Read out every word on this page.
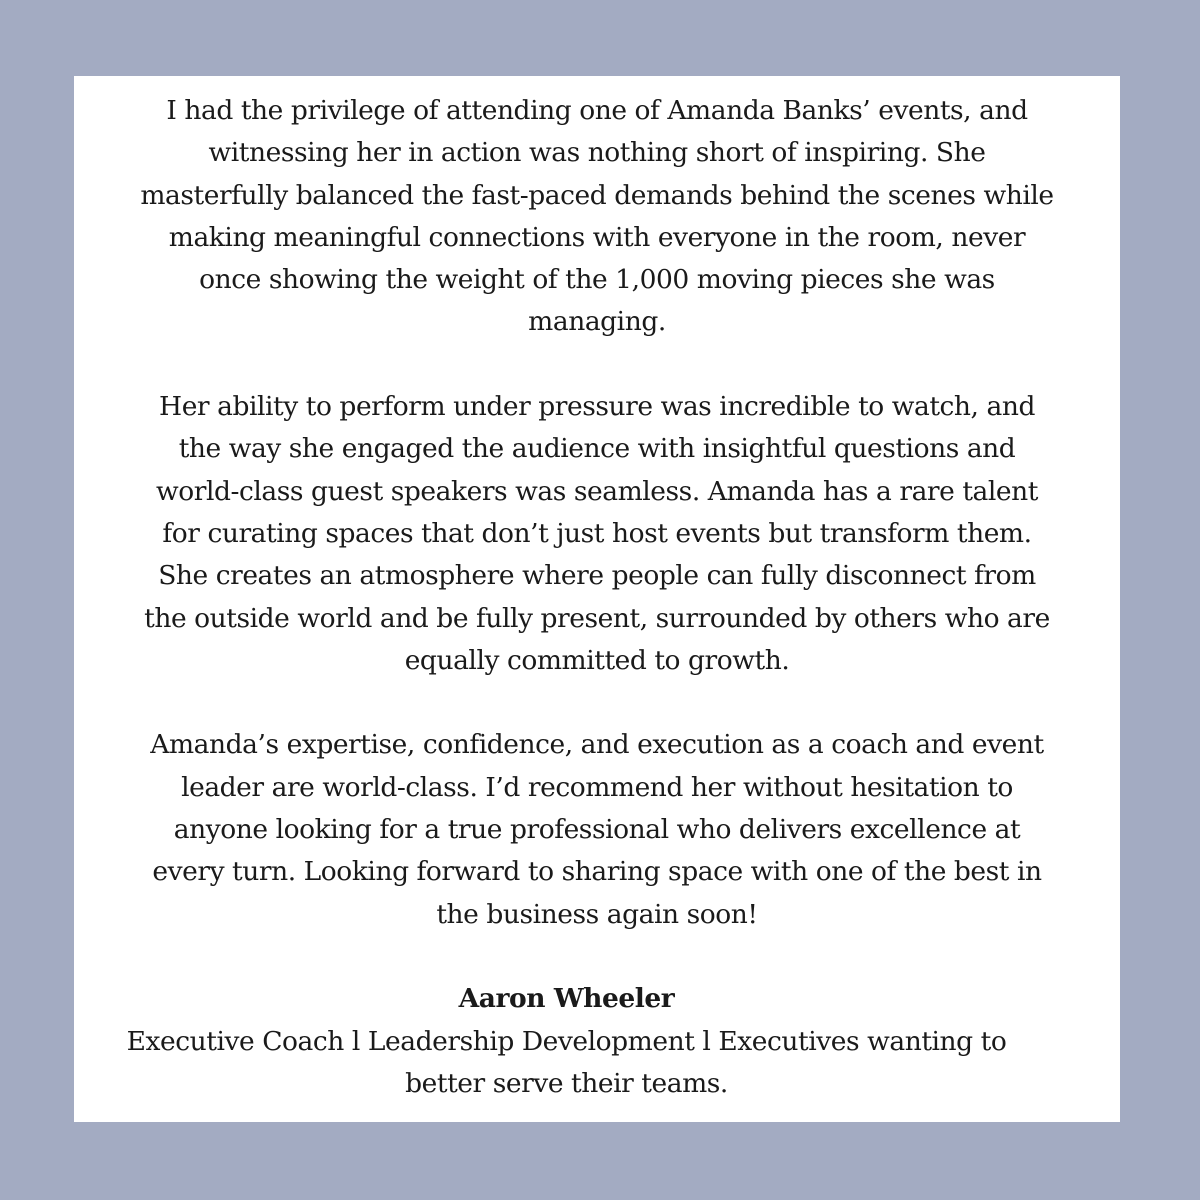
I had the privilege of attending one of Amanda Banks’ events, and
witnessing her in action was nothing short of inspiring. She
masterfully balanced the fast-paced demands behind the scenes while
making meaningful connections with everyone in the room, never
once showing the weight of the 1,000 moving pieces she was
managing.

Her ability to perform under pressure was incredible to watch, and
the way she engaged the audience with insightful questions and
world-class guest speakers was seamless. Amanda has a rare talent
for curating spaces that don’t just host events but transform them.
She creates an atmosphere where people can fully disconnect from
the outside world and be fully present, surrounded by others who are
equally committed to growth.

Amanda’s expertise, confidence, and execution as a coach and event
leader are world-class. I’d recommend her without hesitation to
anyone looking for a true professional who delivers excellence at
every turn. Looking forward to sharing space with one of the best in
the business again soon!

Aaron Wheeler
Executive Coach l Leadership Development l Executives wanting to
better serve their teams.
